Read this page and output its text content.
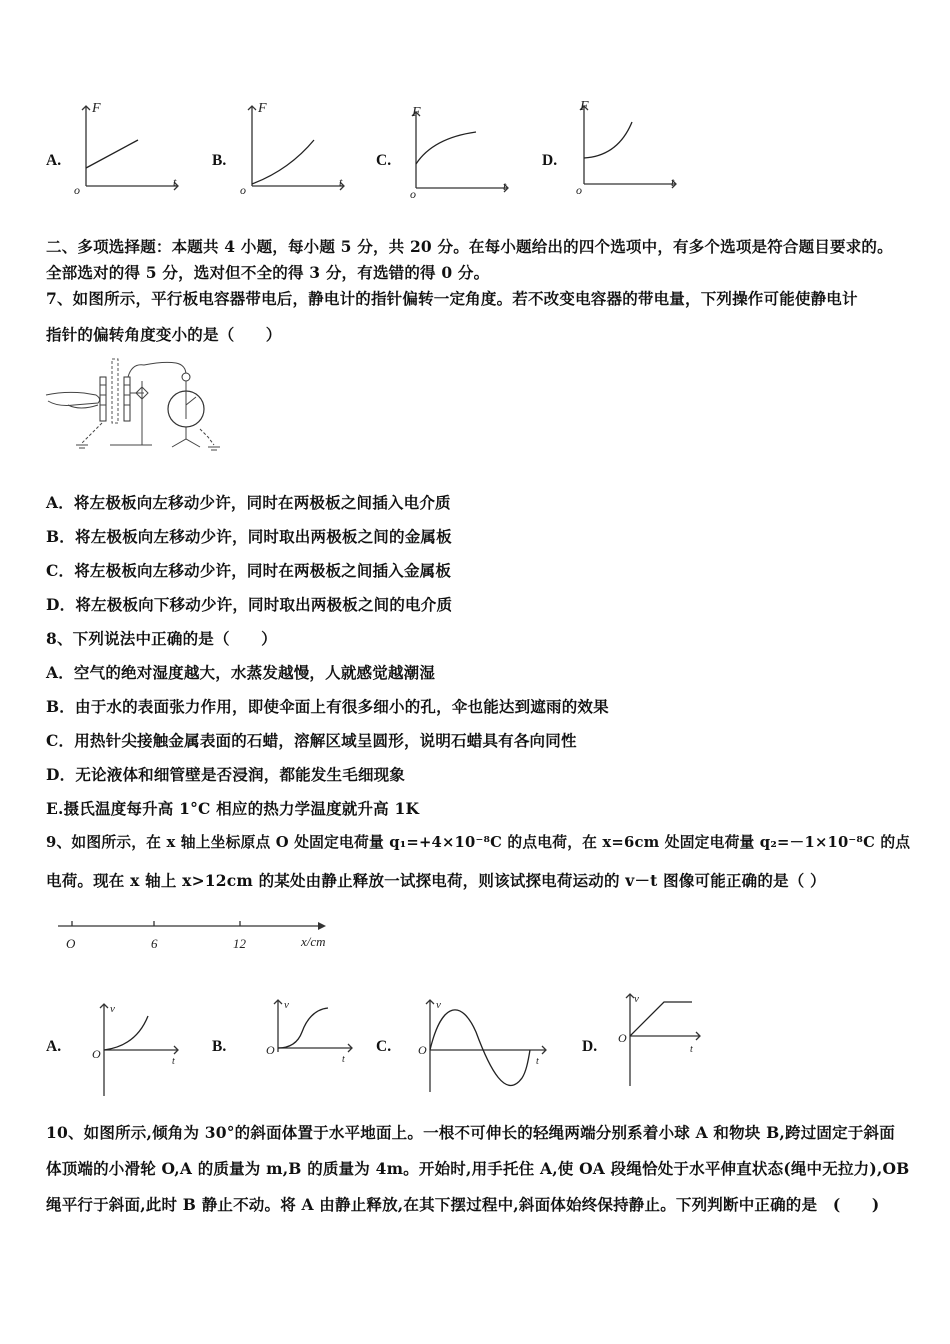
A.
F
t
o
B.
F
t
o
C.
F
t
o
D.
F
t
o
二、多项选择题：本题共 4 小题，每小题 5 分，共 20 分。在每小题给出的四个选项中，有多个选项是符合题目要求的。
全部选对的得 5 分，选对但不全的得 3 分，有选错的得 0 分。
7、如图所示，平行板电容器带电后，静电计的指针偏转一定角度。若不改变电容器的带电量，下列操作可能使静电计
指针的偏转角度变小的是（　　）
A．将左极板向左移动少许，同时在两极板之间插入电介质
B．将左极板向左移动少许，同时取出两极板之间的金属板
C．将左极板向左移动少许，同时在两极板之间插入金属板
D．将左极板向下移动少许，同时取出两极板之间的电介质
8、下列说法中正确的是（　　）
A．空气的绝对湿度越大，水蒸发越慢，人就感觉越潮湿
B．由于水的表面张力作用，即使伞面上有很多细小的孔，伞也能达到遮雨的效果
C．用热针尖接触金属表面的石蜡，溶解区域呈圆形，说明石蜡具有各向同性
D．无论液体和细管壁是否浸润，都能发生毛细现象
E.摄氏温度每升高 1°C 相应的热力学温度就升高 1K
9、如图所示，在 x 轴上坐标原点 O 处固定电荷量 q₁=+4×10⁻⁸C 的点电荷，在 x=6cm 处固定电荷量 q₂=－1×10⁻⁸C 的点
电荷。现在 x 轴上 x>12cm 的某处由静止释放一试探电荷，则该试探电荷运动的 v－t 图像可能正确的是（ ）
O	6	12	x/cm
A.
v
t
O	B.
v
t
O	C.
v
t
O	D.
v
t
O
10、如图所示,倾角为 30°的斜面体置于水平地面上。一根不可伸长的轻绳两端分别系着小球 A 和物块 B,跨过固定于斜面
体顶端的小滑轮 O,A 的质量为 m,B 的质量为 4m。开始时,用手托住 A,使 OA 段绳恰处于水平伸直状态(绳中无拉力),OB
绳平行于斜面,此时 B 静止不动。将 A 由静止释放,在其下摆过程中,斜面体始终保持静止。下列判断中正确的是　(　　)
